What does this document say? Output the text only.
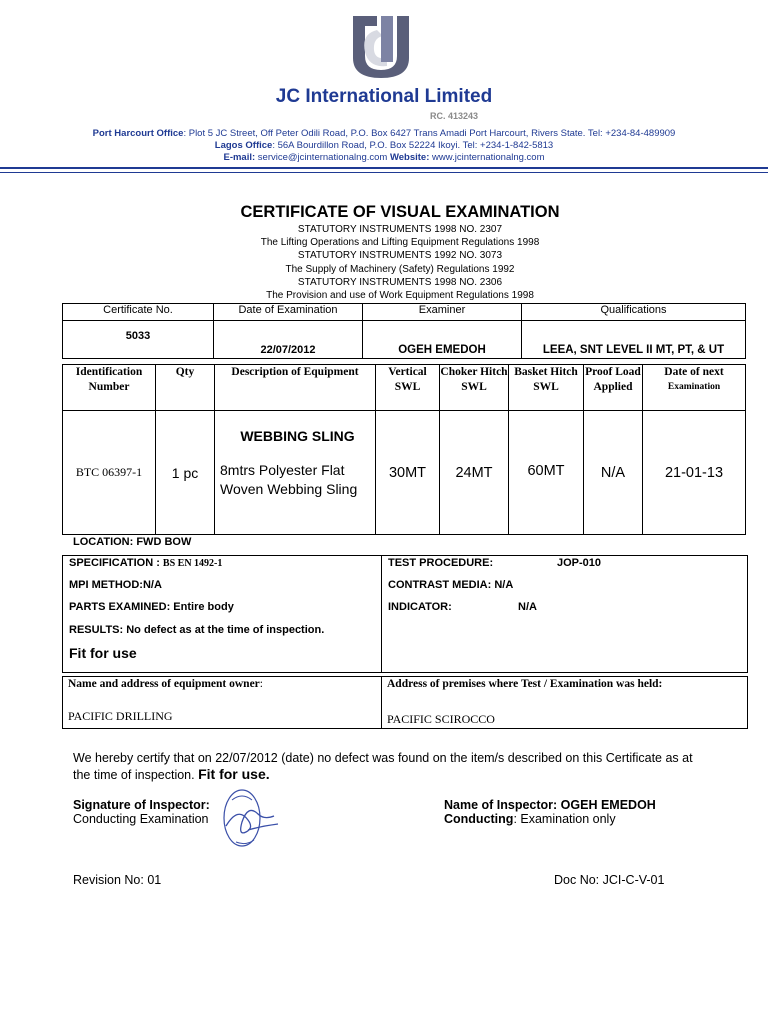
JC International Limited
RC. 413243
Port Harcourt Office: Plot 5 JC Street, Off Peter Odili Road, P.O. Box 6427 Trans Amadi Port Harcourt, Rivers State. Tel: +234-84-489909
Lagos Office: 56A Bourdillon Road, P.O. Box 52224 Ikoyi. Tel: +234-1-842-5813
E-mail: service@jcinternationalng.com Website: www.jcinternationalng.com
CERTIFICATE OF VISUAL EXAMINATION
STATUTORY INSTRUMENTS 1998 NO. 2307
The Lifting Operations and Lifting Equipment Regulations 1998
STATUTORY INSTRUMENTS 1992 NO. 3073
The Supply of Machinery (Safety) Regulations 1992
STATUTORY INSTRUMENTS 1998 NO. 2306
The Provision and use of Work Equipment Regulations 1998
Certificate No.	Date of Examination	Examiner	Qualifications
5033	22/07/2012	OGEH EMEDOH	LEEA, SNT LEVEL II MT, PT, & UT
Identification Number	Qty	Description of Equipment	Vertical SWL	Choker Hitch SWL	Basket Hitch SWL	Proof Load Applied	Date of next
Examination

BTC 06397-1	1 pc	WEBBING SLING
8mtrs Polyester Flat
Woven Webbing Sling	30MT	24MT	60MT	N/A	21-01-13
LOCATION: FWD BOW
SPECIFICATION : BS EN 1492-1
MPI METHOD:N/A
PARTS EXAMINED: Entire body
RESULTS: No defect as at the time of inspection.
Fit for use
TEST PROCEDURE:	JOP-010
CONTRAST MEDIA: N/A
INDICATOR:	N/A
Name and address of equipment owner:
PACIFIC DRILLING
Address of premises where Test / Examination was held:
PACIFIC SCIROCCO
We hereby certify that on 22/07/2012 (date) no defect was found on the item/s described on this Certificate as at
the time of inspection. Fit for use.
Signature of Inspector:
Conducting Examination
Name of Inspector: OGEH EMEDOH
Conducting: Examination only
Revision No: 01	Doc No: JCI-C-V-01
